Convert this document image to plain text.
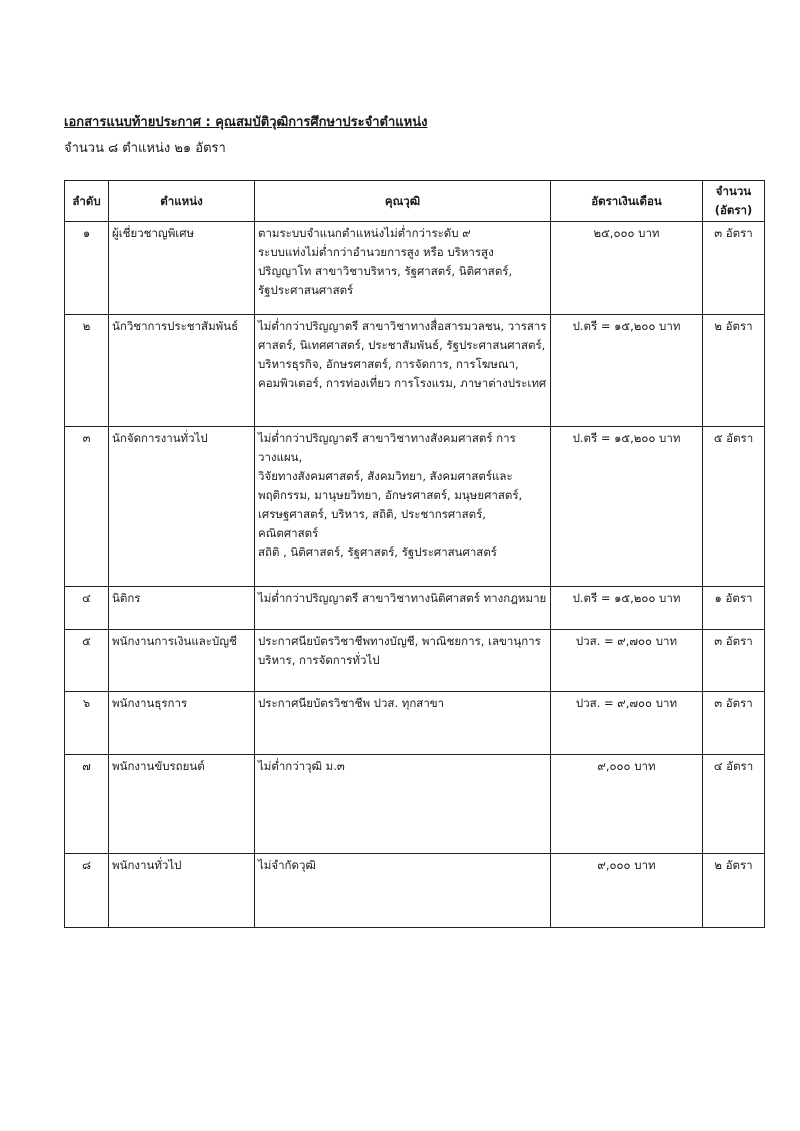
เอกสารแนบท้ายประกาศ : คุณสมบัติวุฒิการศึกษาประจำตำแหน่ง
จำนวน ๘ ตำแหน่ง ๒๑ อัตรา
ลำดับ	ตำแหน่ง	คุณวุฒิ	อัตราเงินเดือน	จำนวน
(อัตรา)

๑	ผู้เชี่ยวชาญพิเศษ	ตามระบบจำแนกตำแหน่งไม่ต่ำกว่าระดับ ๙
ระบบแท่งไม่ต่ำกว่าอำนวยการสูง หรือ บริหารสูง
ปริญญาโท สาขาวิชาบริหาร, รัฐศาสตร์, นิติศาสตร์,
รัฐประศาสนศาสตร์	๒๕,๐๐๐ บาท	๓ อัตรา
๒	นักวิชาการประชาสัมพันธ์	ไม่ต่ำกว่าปริญญาตรี สาขาวิชาทางสื่อสารมวลชน, วารสาร
ศาสตร์, นิเทศศาสตร์, ประชาสัมพันธ์, รัฐประศาสนศาสตร์,
บริหารธุรกิจ, อักษรศาสตร์, การจัดการ, การโฆษณา,
คอมพิวเตอร์, การท่องเที่ยว การโรงแรม, ภาษาต่างประเทศ	ป.ตรี = ๑๕,๒๐๐ บาท	๒ อัตรา
๓	นักจัดการงานทั่วไป	ไม่ต่ำกว่าปริญญาตรี สาขาวิชาทางสังคมศาสตร์ การวางแผน,
วิจัยทางสังคมศาสตร์, สังคมวิทยา, สังคมศาสตร์และ
พฤติกรรม, มานุษยวิทยา, อักษรศาสตร์, มนุษยศาสตร์,
เศรษฐศาสตร์, บริหาร, สถิติ, ประชากรศาสตร์, คณิตศาสตร์
สถิติ , นิติศาสตร์, รัฐศาสตร์, รัฐประศาสนศาสตร์	ป.ตรี = ๑๕,๒๐๐ บาท	๕ อัตรา
๔	นิติกร	ไม่ต่ำกว่าปริญญาตรี สาขาวิชาทางนิติศาสตร์ ทางกฎหมาย	ป.ตรี = ๑๕,๒๐๐ บาท	๑ อัตรา
๕	พนักงานการเงินและบัญชี	ประกาศนียบัตรวิชาชีพทางบัญชี, พาณิชยการ, เลขานุการ
บริหาร, การจัดการทั่วไป	ปวส. = ๙,๗๐๐ บาท	๓ อัตรา
๖	พนักงานธุรการ	ประกาศนียบัตรวิชาชีพ ปวส. ทุกสาขา	ปวส. = ๙,๗๐๐ บาท	๓ อัตรา
๗	พนักงานขับรถยนต์	ไม่ต่ำกว่าวุฒิ ม.๓	๙,๐๐๐ บาท	๔ อัตรา
๘	พนักงานทั่วไป	ไม่จำกัดวุฒิ	๙,๐๐๐ บาท	๒ อัตรา
